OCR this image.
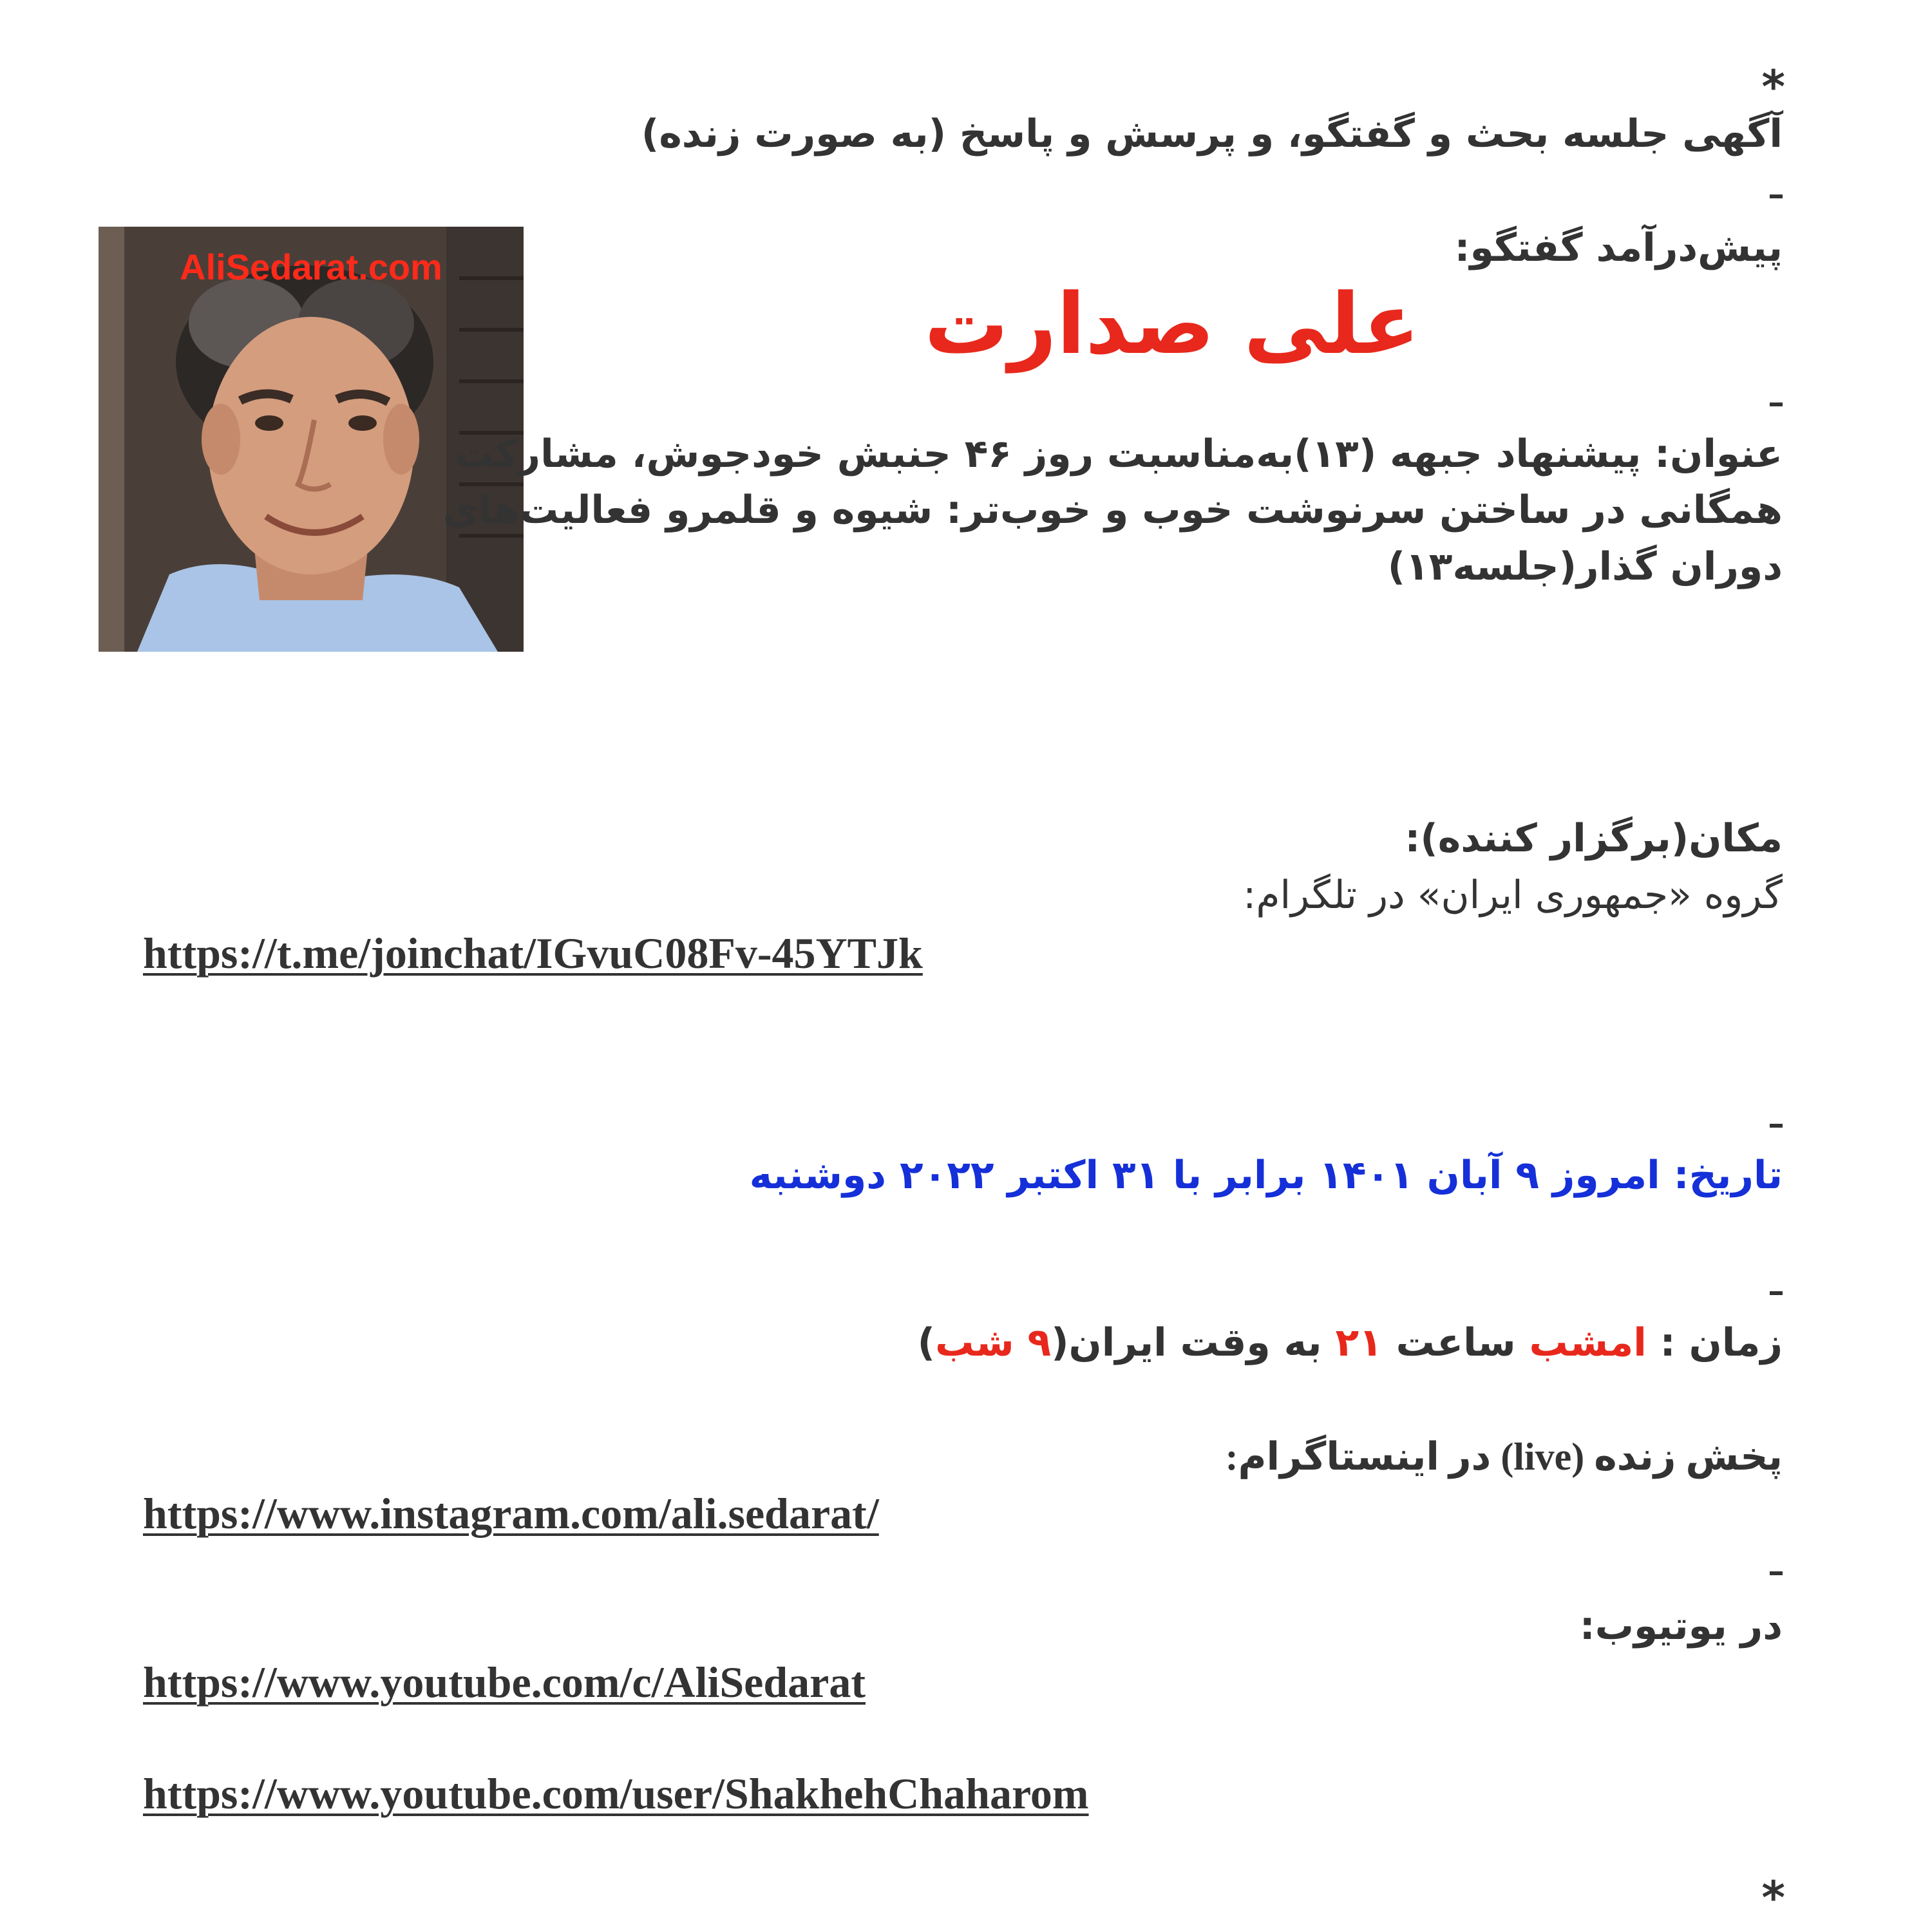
*
آگهی جلسه بحث و گفتگو، و پرسش و پاسخ (به صورت زنده)
پیش‌درآمد گفتگو:
علی صدارت
AliSedarat.com
عنوان: پیشنهاد جبهه (۱۳)به‌مناسبت روز ۴۶ جنبش خودجوش، مشارکت
همگانی در ساختن سرنوشت خوب و خوب‌تر: شیوه و قلمرو فعالیت‌های
دوران گذار(جلسه۱۳)
مکان(برگزار کننده):
گروه «جمهوری ایران» در تلگرام:
https://t.me/joinchat/IGvuC08Fv-45YTJk
تاریخ: امروز ۹ آبان ۱۴۰۱ برابر با ۳۱ اکتبر ۲۰۲۲ دوشنبه
زمان : امشب ساعت ۲۱ به وقت ایران(۹ شب)
پخش زنده (live) در اینستاگرام:
https://www.instagram.com/ali.sedarat/
در یوتیوب:
https://www.youtube.com/c/AliSedarat
https://www.youtube.com/user/ShakhehChaharom
*
